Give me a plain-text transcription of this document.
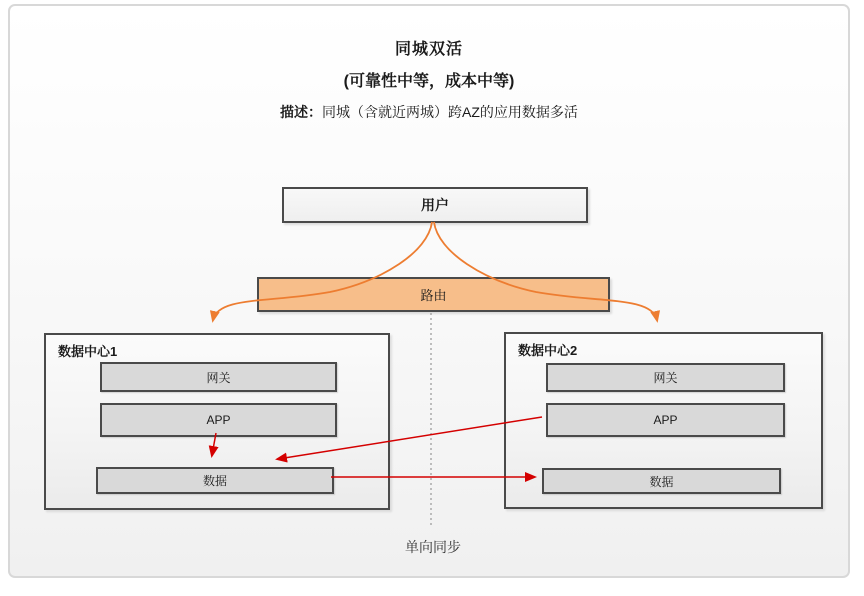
同城双活
(可靠性中等，成本中等)
描述：同城（含就近两城）跨AZ的应用数据多活
用户
路由
数据中心1
网关
APP
数据
数据中心2
网关
APP
数据
单向同步
